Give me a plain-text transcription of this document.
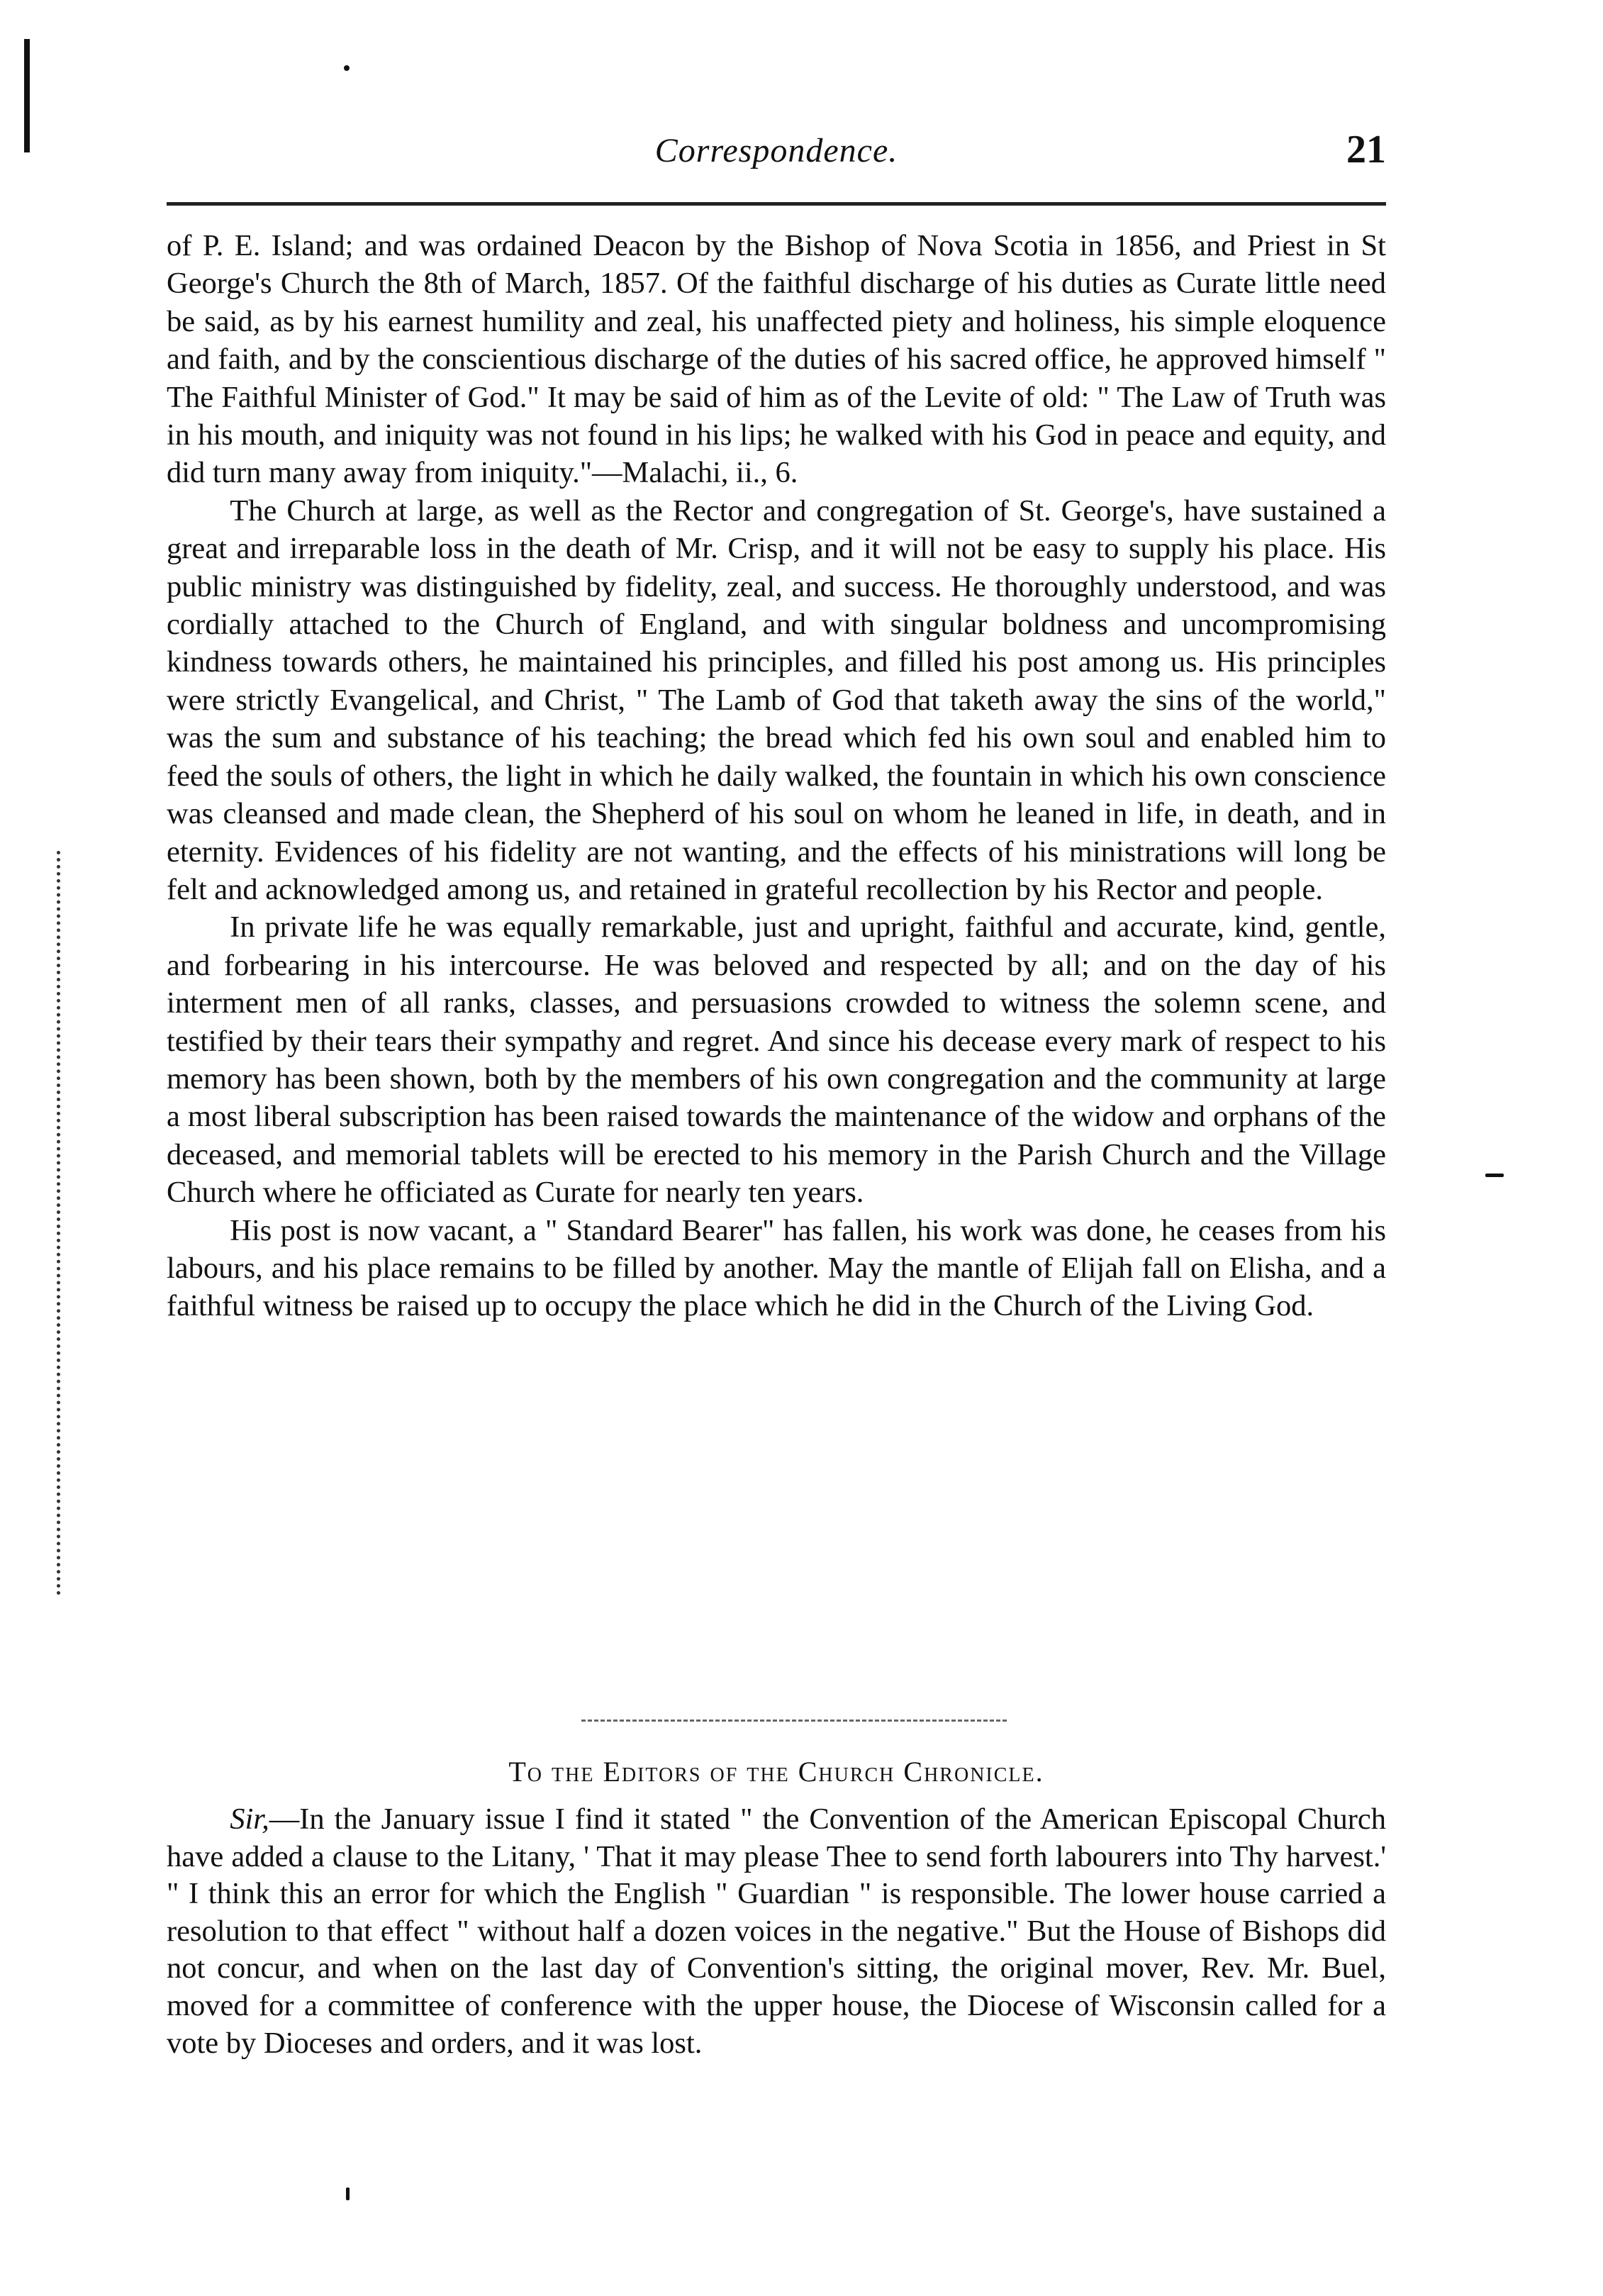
Correspondence.	21

of P. E. Island; and was ordained Deacon by the Bishop of Nova Scotia in 1856, and Priest in St George's Church the 8th of March, 1857. Of the faithful discharge of his duties as Curate little need be said, as by his earnest humility and zeal, his unaffected piety and holiness, his simple eloquence and faith, and by the conscientious discharge of the duties of his sacred office, he approved himself " The Faithful Minister of God." It may be said of him as of the Levite of old: " The Law of Truth was in his mouth, and iniquity was not found in his lips; he walked with his God in peace and equity, and did turn many away from iniquity."—Malachi, ii., 6.

The Church at large, as well as the Rector and congregation of St. George's, have sustained a great and irreparable loss in the death of Mr. Crisp, and it will not be easy to supply his place. His public ministry was distinguished by fidelity, zeal, and success. He thoroughly understood, and was cordially attached to the Church of England, and with singular boldness and uncompromising kindness towards others, he maintained his principles, and filled his post among us. His principles were strictly Evangelical, and Christ, " The Lamb of God that taketh away the sins of the world," was the sum and substance of his teaching; the bread which fed his own soul and enabled him to feed the souls of others, the light in which he daily walked, the fountain in which his own conscience was cleansed and made clean, the Shepherd of his soul on whom he leaned in life, in death, and in eternity. Evidences of his fidelity are not wanting, and the effects of his ministrations will long be felt and acknowledged among us, and retained in grateful recollection by his Rector and people.

In private life he was equally remarkable, just and upright, faithful and accurate, kind, gentle, and forbearing in his intercourse. He was beloved and respected by all; and on the day of his interment men of all ranks, classes, and persuasions crowded to witness the solemn scene, and testified by their tears their sympathy and regret. And since his decease every mark of respect to his memory has been shown, both by the members of his own congregation and the community at large a most liberal subscription has been raised towards the maintenance of the widow and orphans of the deceased, and memorial tablets will be erected to his memory in the Parish Church and the Village Church where he officiated as Curate for nearly ten years.

His post is now vacant, a " Standard Bearer" has fallen, his work was done, he ceases from his labours, and his place remains to be filled by another. May the mantle of Elijah fall on Elisha, and a faithful witness be raised up to occupy the place which he did in the Church of the Living God.

To the Editors of the Church Chronicle.

Sir,—In the January issue I find it stated " the Convention of the American Episcopal Church have added a clause to the Litany, ' That it may please Thee to send forth labourers into Thy harvest.' " I think this an error for which the English " Guardian " is responsible. The lower house carried a resolution to that effect " without half a dozen voices in the negative." But the House of Bishops did not concur, and when on the last day of Convention's sitting, the original mover, Rev. Mr. Buel, moved for a committee of conference with the upper house, the Diocese of Wisconsin called for a vote by Dioceses and orders, and it was lost.
